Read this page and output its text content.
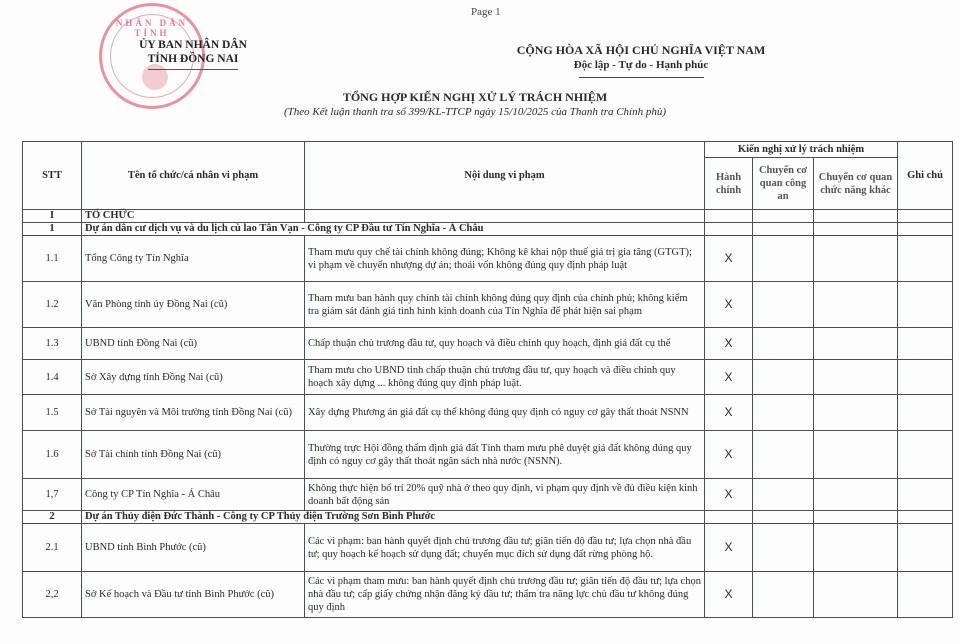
Page 1
NHÂN DÂN TỈNH
ỦY BAN NHÂN DÂN
TỈNH ĐỒNG NAI
CỘNG HÒA XÃ HỘI CHỦ NGHĨA VIỆT NAM
Độc lập - Tự do - Hạnh phúc
TỔNG HỢP KIẾN NGHỊ XỬ LÝ TRÁCH NHIỆM
(Theo Kết luận thanh tra số 399/KL-TTCP ngày 15/10/2025 của Thanh tra Chính phủ)
STT	Tên tổ chức/cá nhân vi phạm	Nội dung vi phạm	Kiến nghị xử lý trách nhiệm			Ghi chú
			Hành chính	Chuyển cơ quan công an	Chuyển cơ quan chức năng khác	
I	TỔ CHỨC					
1	Dự án dân cư dịch vụ và du lịch cù lao Tân Vạn - Công ty CP Đầu tư Tín Nghĩa - Á Châu					
1.1	Tổng Công ty Tín Nghĩa	Tham mưu quy chế tài chính không đúng; Không kê khai nộp thuế giá trị gia tăng (GTGT); vi phạm về chuyển nhượng dự án; thoái vốn không đúng quy định pháp luật	X			
1.2	Văn Phòng tỉnh ủy Đồng Nai (cũ)	Tham mưu ban hành quy chính tài chính không đúng quy định của chính phủ; không kiểm tra giám sát đánh giá tình hình kinh doanh của Tín Nghĩa để phát hiện sai phạm	X			
1.3	UBND tỉnh Đồng Nai (cũ)	Chấp thuận chủ trương đầu tư, quy hoạch và điều chỉnh quy hoạch, định giá đất cụ thể	X			
1.4	Sở Xây dựng tỉnh Đồng Nai (cũ)	Tham mưu cho UBND tỉnh chấp thuận chủ trương đầu tư, quy hoạch và điều chỉnh quy hoạch xây dựng ... không đúng quy định pháp luật.	X			
1.5	Sở Tài nguyên và Môi trường tỉnh Đồng Nai (cũ)	Xây dựng Phương án giá đất cụ thể không đúng quy định có nguy cơ gây thất thoát NSNN	X			
1.6	Sở Tài chính tỉnh Đồng Nai (cũ)	Thường trực Hội đồng thẩm định giá đất Tỉnh tham mưu phê duyệt giá đất không đúng quy định có nguy cơ gây thất thoát ngân sách nhà nước (NSNN).	X			
1,7	Công ty CP Tín Nghĩa - Á Châu	Không thực hiện bố trí 20% quỹ nhà ở theo quy định, vi phạm quy định về đủ điều kiện kinh doanh bất động sản	X			
2	Dự án Thủy điện Đức Thành - Công ty CP Thủy điện Trường Sơn Bình Phước					
2.1	UBND tỉnh Bình Phước (cũ)	Các vi phạm: ban hành quyết định chủ trương đầu tư; giãn tiến độ đầu tư; lựa chọn nhà đầu tư; quy hoạch kế hoạch sử dụng đất; chuyển mục đích sử dụng đất rừng phòng hộ.	X			
2,2	Sở Kế hoạch và Đầu tư tỉnh Bình Phước (cũ)	Các vi phạm tham mưu: ban hành quyết định chủ trương đầu tư; giãn tiến độ đầu tư; lựa chọn nhà đầu tư; cấp giấy chứng nhận đăng ký đầu tư; thẩm tra năng lực chủ đầu tư không đúng quy định	X			
